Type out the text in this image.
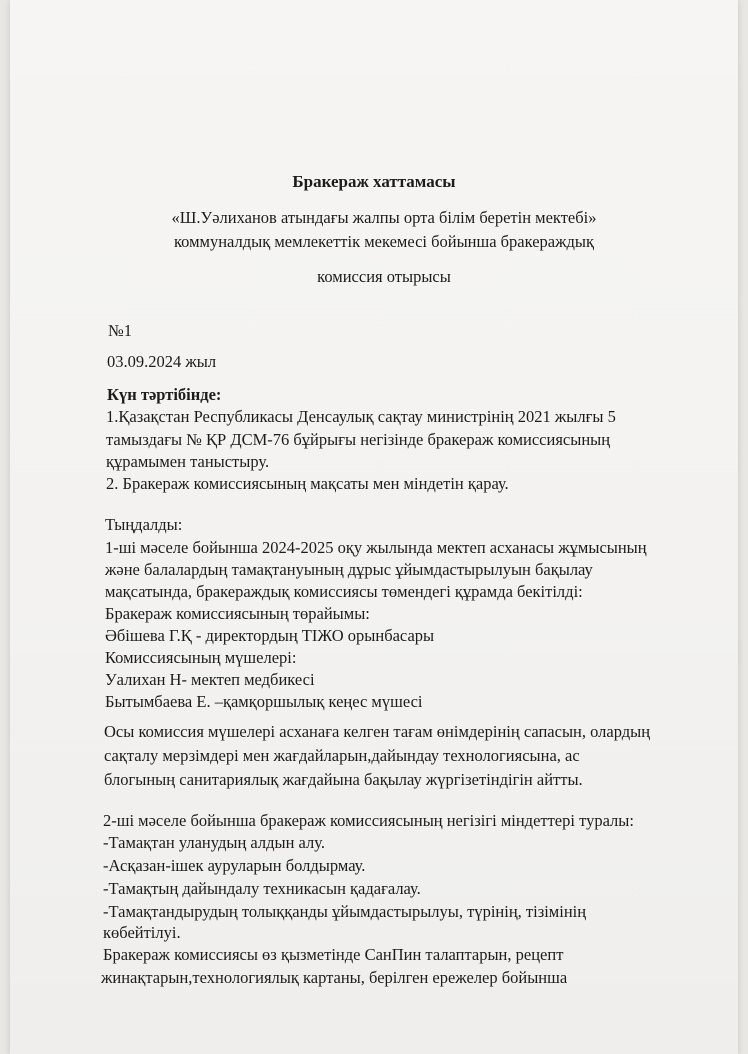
Бракераж хаттамасы
«Ш.Уәлиханов атындағы жалпы орта білім беретін мектебі»
коммуналдық мемлекеттік мекемесі бойынша бракераждық
комиссия отырысы
№1
03.09.2024 жыл
Күн тәртібінде:
1.Қазақстан Республикасы Денсаулық сақтау министрінің 2021 жылғы 5
тамыздағы № ҚР ДСМ-76 бұйрығы негізінде бракераж комиссиясының
құрамымен таныстыру.
2. Бракераж комиссиясының мақсаты мен міндетін қарау.
Тыңдалды:
1-ші мәселе бойынша 2024-2025 оқу жылында мектеп асханасы жұмысының
және балалардың тамақтануының дұрыс ұйымдастырылуын бақылау
мақсатында, бракераждық комиссиясы төмендегі құрамда бекітілді:
Бракераж комиссиясының төрайымы:
Әбішева Г.Қ - директордың ТІЖО орынбасары
Комиссиясының мүшелері:
Уалихан Н- мектеп медбикесі
Бытымбаева Е. –қамқоршылық кеңес мүшесі
Осы комиссия мүшелері асханаға келген тағам өнімдерінің сапасын, олардың
сақталу мерзімдері мен жағдайларын,дайындау технологиясына, ас
блогының санитариялық жағдайына бақылау жүргізетіндігін айтты.
2-ші мәселе бойынша бракераж комиссиясының негізігі міндеттері туралы:
-Тамақтан уланудың алдын алу.
-Асқазан-ішек ауруларын болдырмау.
-Тамақтың дайындалу техникасын қадағалау.
-Тамақтандырудың толыққанды ұйымдастырылуы, түрінің, тізімінің
көбейтілуі.
Бракераж комиссиясы өз қызметінде СанПин талаптарын, рецепт
жинақтарын,технологиялық картаны, берілген ережелер бойынша
